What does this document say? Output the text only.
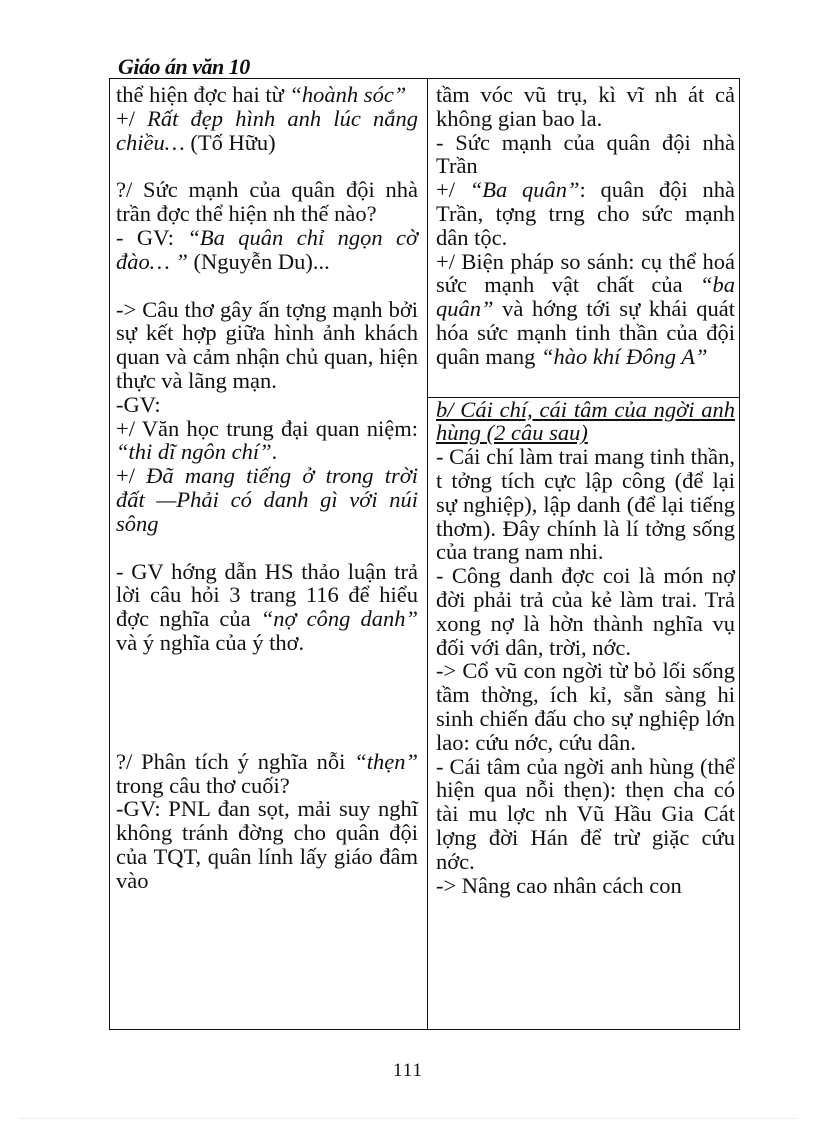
Giáo án văn 10

thể hiện đợc hai từ “hoành sóc”

+/ Rất đẹp hình anh lúc nắng chiều… (Tố Hữu)

?/ Sức mạnh của quân đội nhà trần đợc thể hiện nh thế nào?

- GV: “Ba quân chỉ ngọn cờ đào… ” (Nguyễn Du)...

-> Câu thơ gây ấn tợng mạnh bởi sự kết hợp giữa hình ảnh khách quan và cảm nhận chủ quan, hiện thực và lãng mạn.

-GV:

+/ Văn học trung đại quan niệm: “thi dĩ ngôn chí”.

+/ Đã mang tiếng ở trong trời đất —Phải có danh gì với núi sông

- GV hớng dẫn HS thảo luận trả lời câu hỏi 3 trang 116 để hiểu đợc nghĩa của “nợ công danh” và ý nghĩa của ý thơ.

?/ Phân tích ý nghĩa nỗi “thẹn” trong câu thơ cuối?

-GV: PNL đan sọt, mải suy nghĩ không tránh đờng cho quân đội của TQT, quân lính lấy giáo đâm vào

tầm vóc vũ trụ, kì vĩ nh át cả không gian bao la.

- Sức mạnh của quân đội nhà Trần

+/ “Ba quân”: quân đội nhà Trần, tợng trng cho sức mạnh dân tộc.

+/ Biện pháp so sánh: cụ thể hoá sức mạnh vật chất của “ba quân” và hớng tới sự khái quát hóa sức mạnh tinh thần của đội quân mang “hào khí Đông A”

b/ Cái chí, cái tâm của ngời anh hùng (2 câu sau)

- Cái chí làm trai mang tinh thần, t tởng tích cực lập công (để lại sự nghiệp), lập danh (để lại tiếng thơm). Đây chính là lí tởng sống của trang nam nhi.

- Công danh đợc coi là món nợ đời phải trả của kẻ làm trai. Trả xong nợ là hờn thành nghĩa vụ đối với dân, trời, nớc.

-> Cổ vũ con ngời từ bỏ lối sống tầm thờng, ích kỉ, sẵn sàng hi sinh chiến đấu cho sự nghiệp lớn lao: cứu nớc, cứu dân.

- Cái tâm của ngời anh hùng (thể hiện qua nỗi thẹn): thẹn cha có tài mu lợc nh Vũ Hầu Gia Cát lợng đời Hán để trừ giặc cứu nớc.

-> Nâng cao nhân cách con

111
